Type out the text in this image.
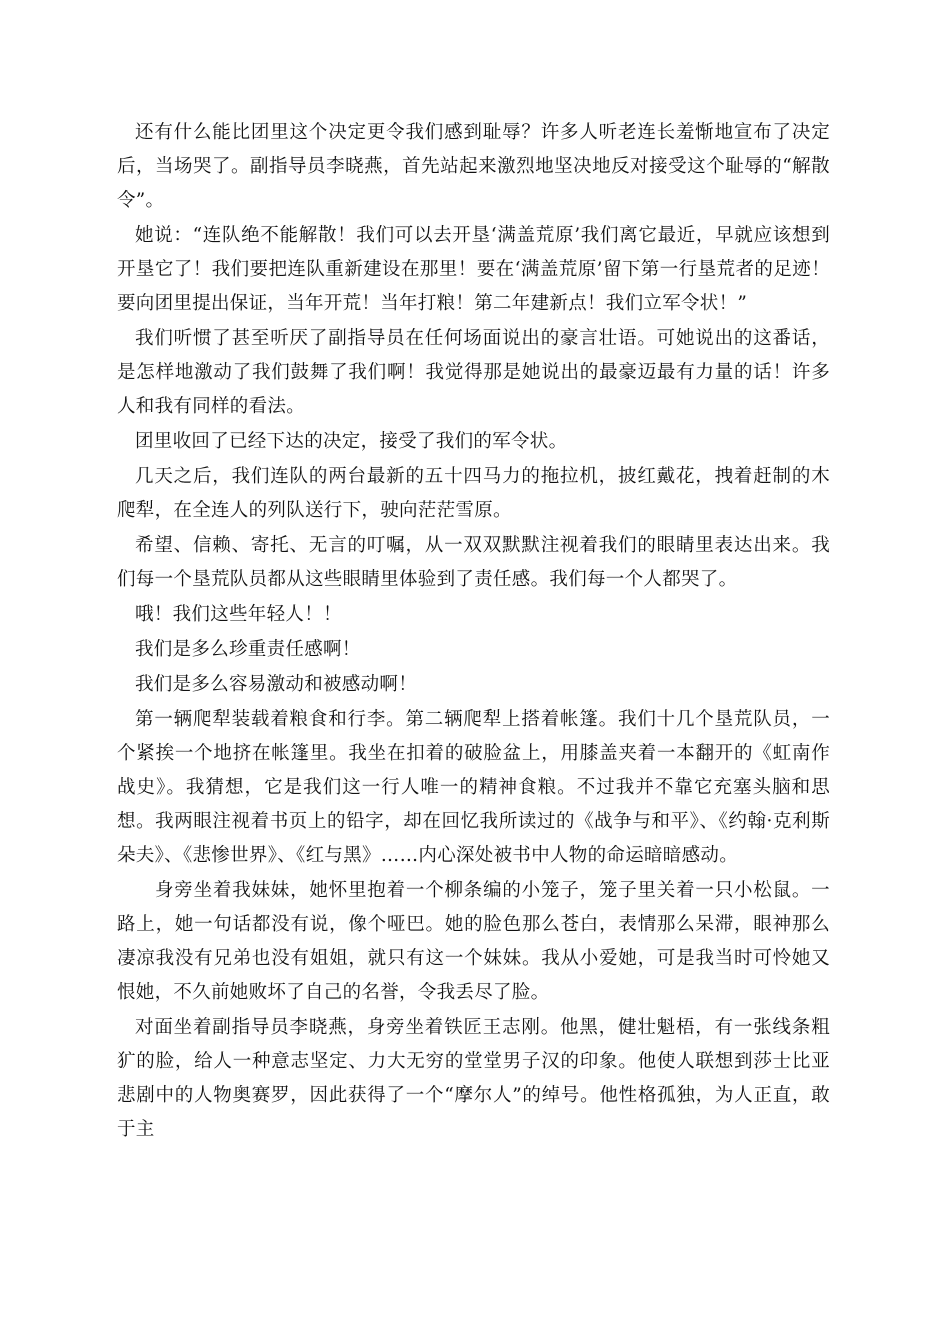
还有什么能比团里这个决定更令我们感到耻辱？许多人听老连长羞惭地宣布了决定后，当场哭了。副指导员李晓燕，首先站起来激烈地坚决地反对接受这个耻辱的“解散令”。

她说：“连队绝不能解散！我们可以去开垦‘满盖荒原’我们离它最近，早就应该想到开垦它了！我们要把连队重新建设在那里！要在‘满盖荒原’留下第一行垦荒者的足迹！要向团里提出保证，当年开荒！当年打粮！第二年建新点！我们立军令状！”

我们听惯了甚至听厌了副指导员在任何场面说出的豪言壮语。可她说出的这番话，是怎样地激动了我们鼓舞了我们啊！我觉得那是她说出的最豪迈最有力量的话！许多人和我有同样的看法。

团里收回了已经下达的决定，接受了我们的军令状。

几天之后，我们连队的两台最新的五十四马力的拖拉机，披红戴花，拽着赶制的木爬犁，在全连人的列队送行下，驶向茫茫雪原。

希望、信赖、寄托、无言的叮嘱，从一双双默默注视着我们的眼睛里表达出来。我们每一个垦荒队员都从这些眼睛里体验到了责任感。我们每一个人都哭了。

哦！我们这些年轻人！！

我们是多么珍重责任感啊！

我们是多么容易激动和被感动啊！

第一辆爬犁装载着粮食和行李。第二辆爬犁上搭着帐篷。我们十几个垦荒队员，一个紧挨一个地挤在帐篷里。我坐在扣着的破脸盆上，用膝盖夹着一本翻开的《虹南作战史》。我猜想，它是我们这一行人唯一的精神食粮。不过我并不靠它充塞头脑和思想。我两眼注视着书页上的铅字，却在回忆我所读过的《战争与和平》、《约翰·克利斯朵夫》、《悲惨世界》、《红与黑》……内心深处被书中人物的命运暗暗感动。

身旁坐着我妹妹，她怀里抱着一个柳条编的小笼子，笼子里关着一只小松鼠。一路上，她一句话都没有说，像个哑巴。她的脸色那么苍白，表情那么呆滞，眼神那么凄凉我没有兄弟也没有姐姐，就只有这一个妹妹。我从小爱她，可是我当时可怜她又恨她，不久前她败坏了自己的名誉，令我丢尽了脸。

对面坐着副指导员李晓燕，身旁坐着铁匠王志刚。他黑，健壮魁梧，有一张线条粗犷的脸，给人一种意志坚定、力大无穷的堂堂男子汉的印象。他使人联想到莎士比亚悲剧中的人物奥赛罗，因此获得了一个“摩尔人”的绰号。他性格孤独，为人正直，敢于主
